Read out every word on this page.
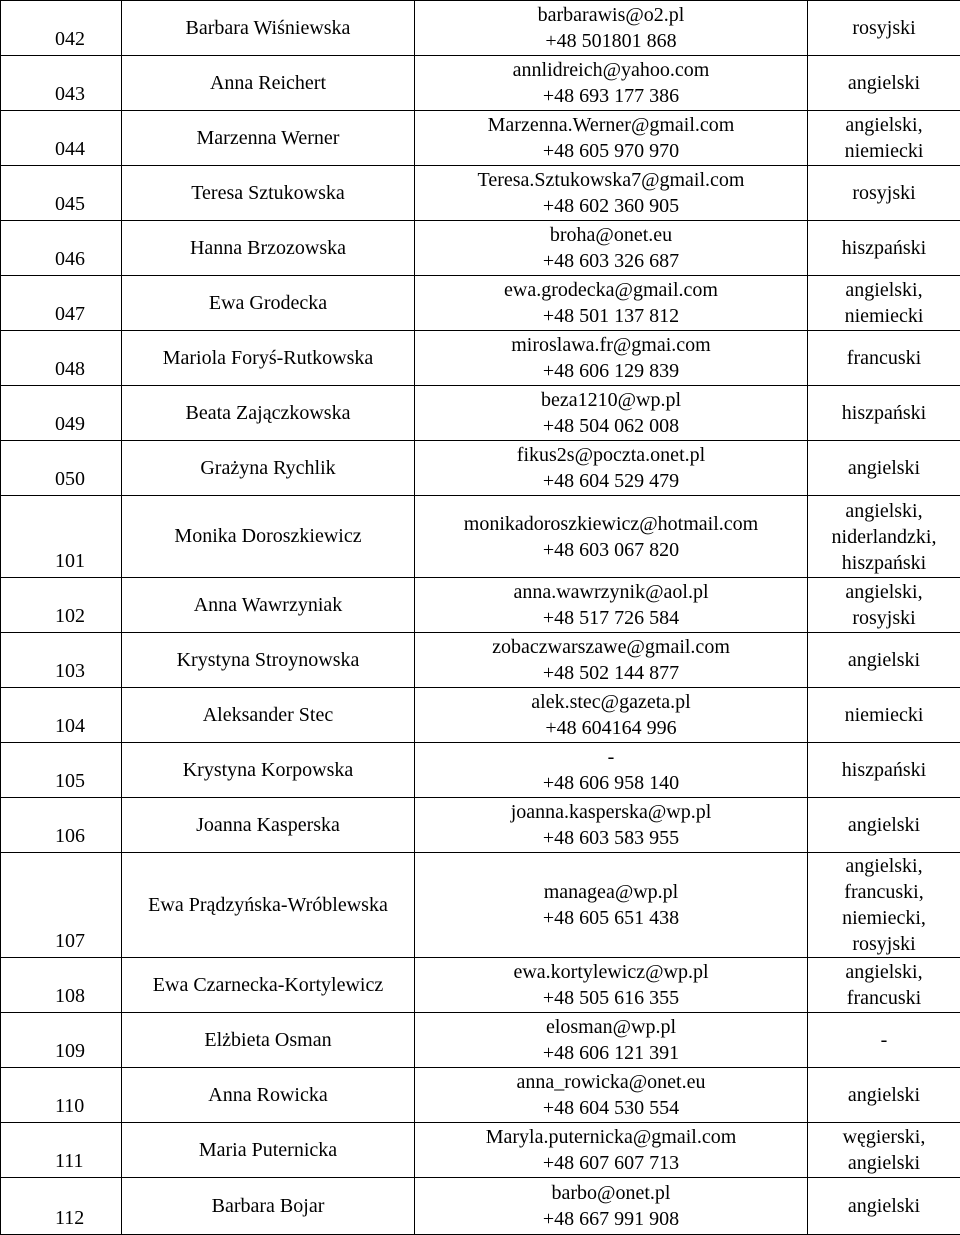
042	Barbara Wiśniewska	barbarawis@o2.pl
+48 501801 868	rosyjski

043	Anna Reichert	annlidreich@yahoo.com
+48 693 177 386	angielski

044	Marzenna Werner	Marzenna.Werner@gmail.com
+48 605 970 970	angielski,
niemiecki

045	Teresa Sztukowska	Teresa.Sztukowska7@gmail.com
+48 602 360 905	rosyjski

046	Hanna Brzozowska	broha@onet.eu
+48 603 326 687	hiszpański

047	Ewa Grodecka	ewa.grodecka@gmail.com
+48 501 137 812	angielski,
niemiecki

048	Mariola Foryś-Rutkowska	miroslawa.fr@gmai.com
+48 606 129 839	francuski

049	Beata Zajączkowska	beza1210@wp.pl
+48 504 062 008	hiszpański

050	Grażyna Rychlik	fikus2s@poczta.onet.pl
+48 604 529 479	angielski

101	Monika Doroszkiewicz	monikadoroszkiewicz@hotmail.com
+48 603 067 820	angielski,
niderlandzki,
hiszpański

102	Anna Wawrzyniak	anna.wawrzynik@aol.pl
+48 517 726 584	angielski,
rosyjski

103	Krystyna Stroynowska	zobaczwarszawe@gmail.com
+48 502 144 877	angielski

104	Aleksander Stec	alek.stec@gazeta.pl
+48 604164 996	niemiecki

105	Krystyna Korpowska	-
+48 606 958 140	hiszpański

106	Joanna Kasperska	joanna.kasperska@wp.pl
+48 603 583 955	angielski

107	Ewa Prądzyńska-Wróblewska	managea@wp.pl
+48 605 651 438	angielski,
francuski,
niemiecki,
rosyjski

108	Ewa Czarnecka-Kortylewicz	ewa.kortylewicz@wp.pl
+48 505 616 355	angielski,
francuski

109	Elżbieta Osman	elosman@wp.pl
+48 606 121 391	-

110	Anna Rowicka	anna_rowicka@onet.eu
+48 604 530 554	angielski

111	Maria Puternicka	Maryla.puternicka@gmail.com
+48 607 607 713	węgierski,
angielski

112	Barbara Bojar	barbo@onet.pl
+48 667 991 908	angielski
